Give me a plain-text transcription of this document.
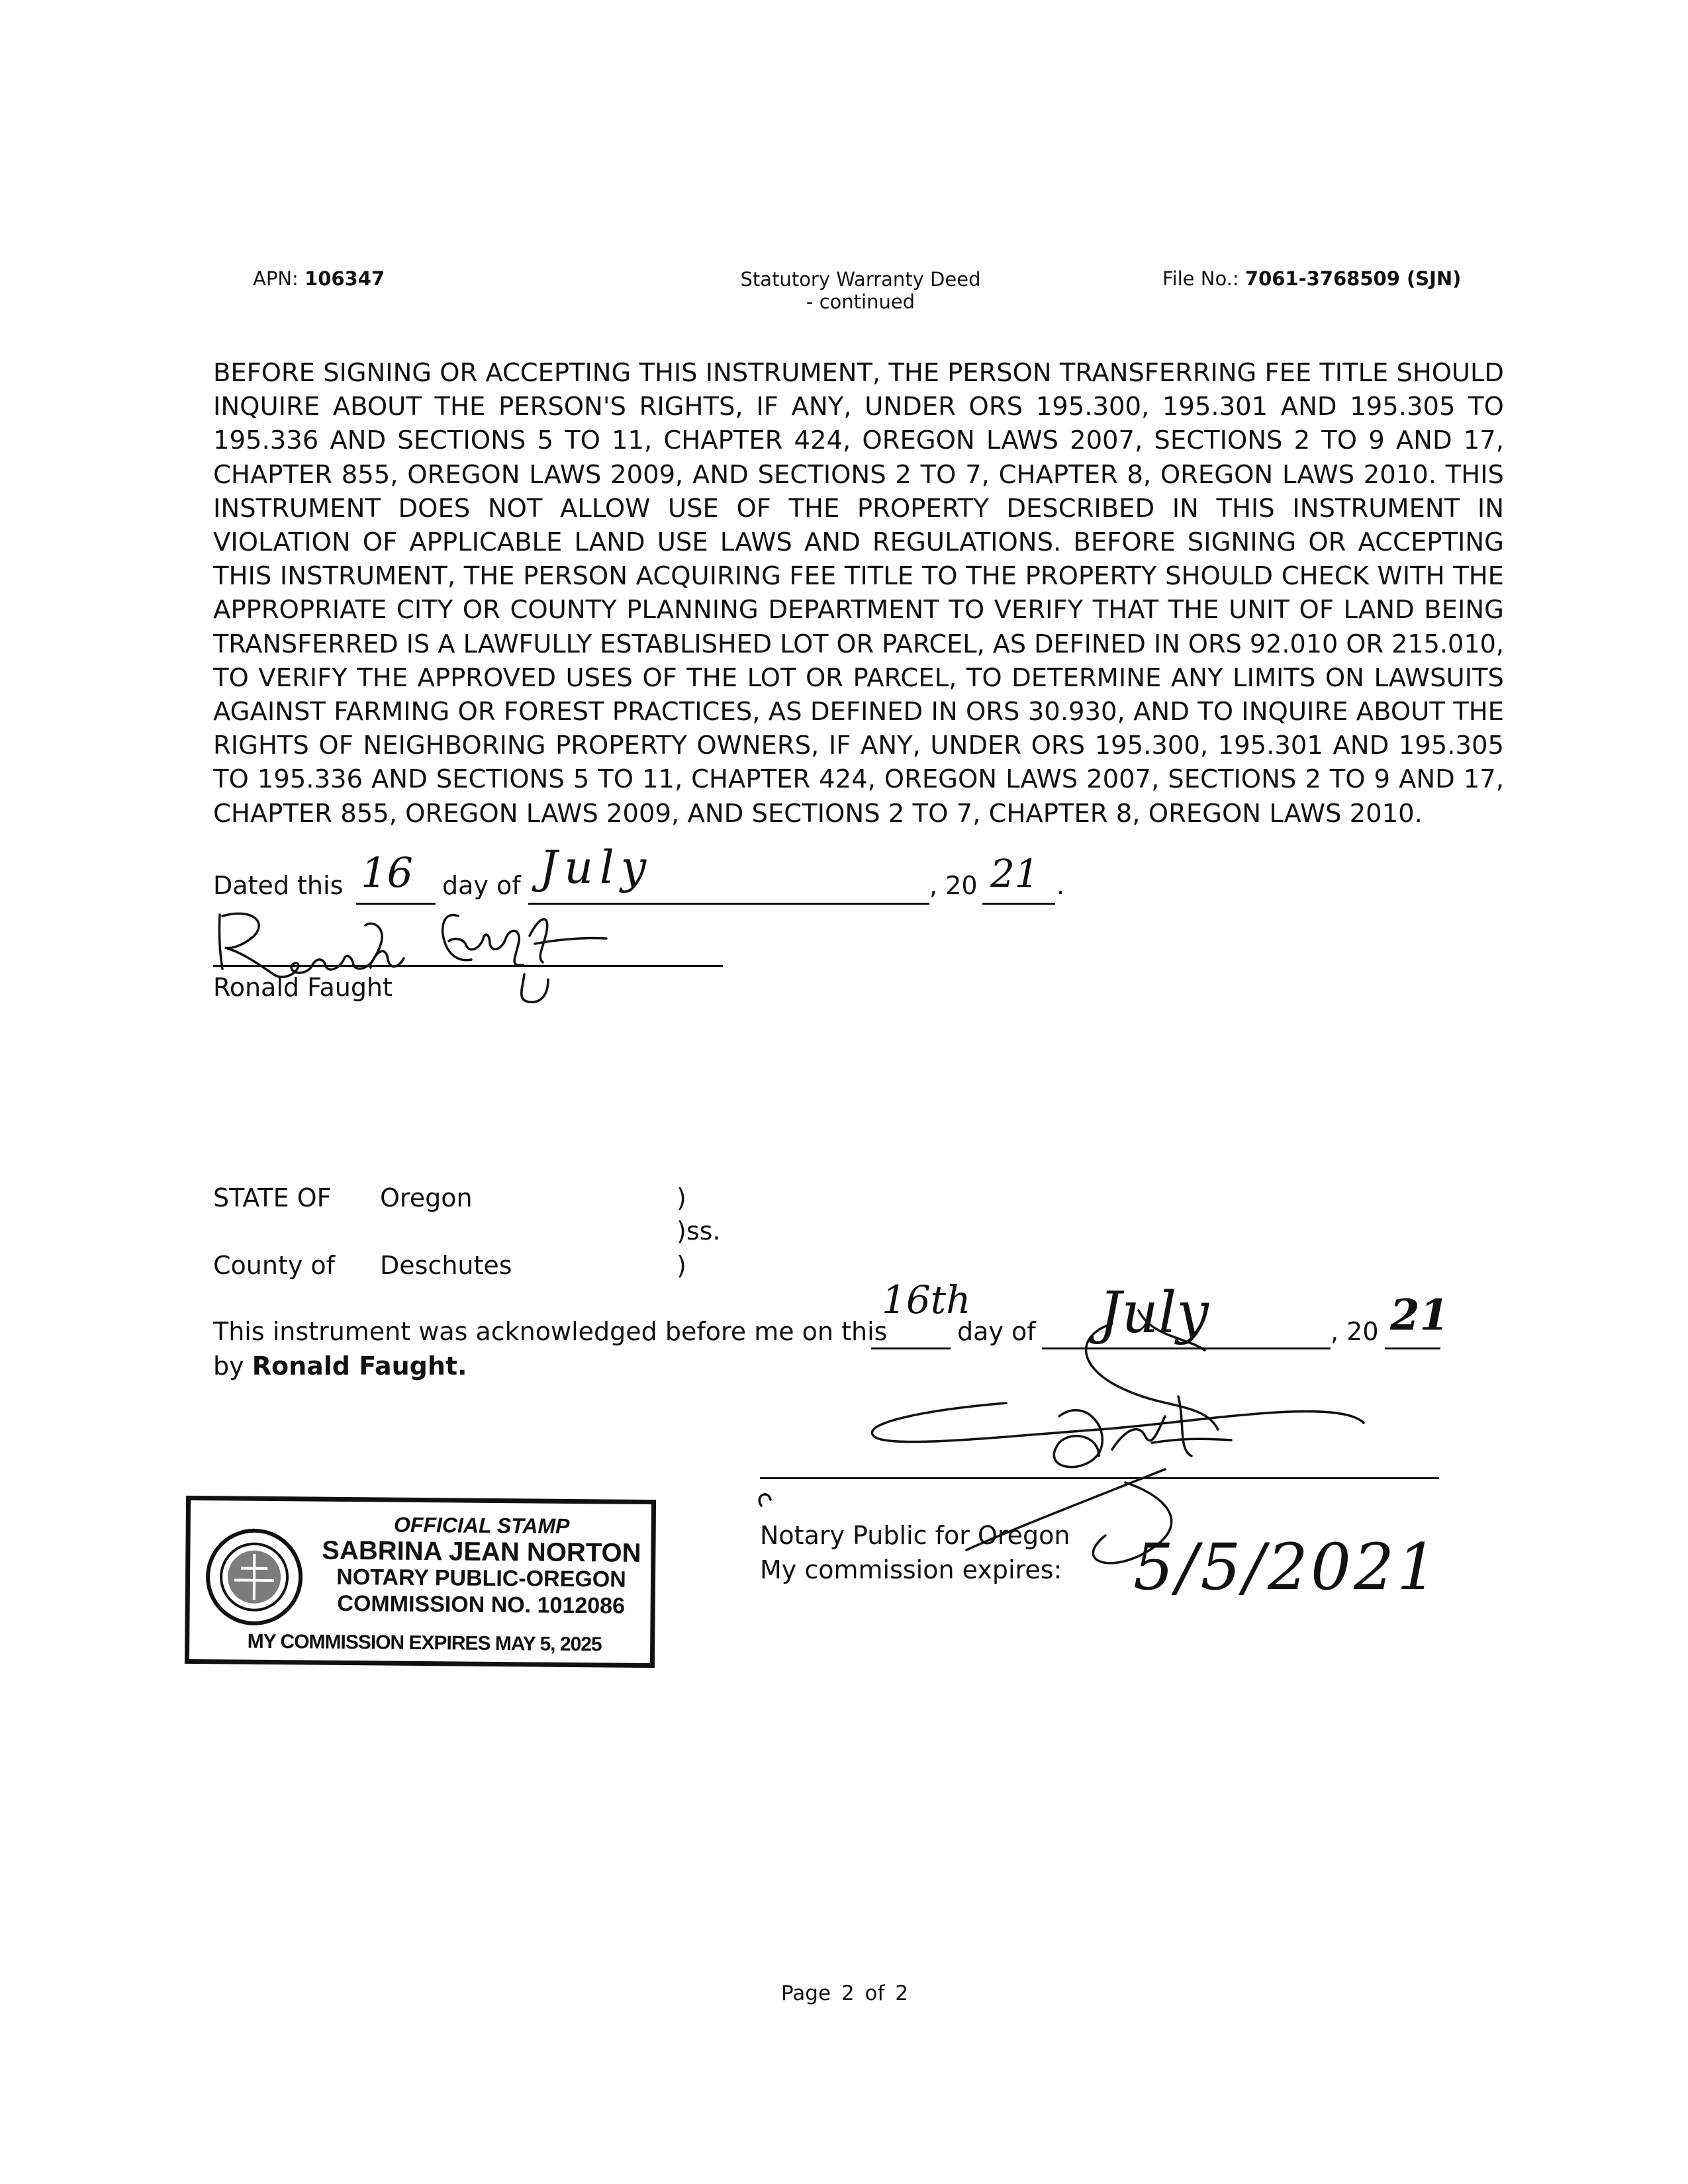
APN: 106347	Statutory Warranty Deed
- continued
File No.: 7061-3768509 (SJN)
BEFORE SIGNING OR ACCEPTING THIS INSTRUMENT, THE PERSON TRANSFERRING FEE TITLE SHOULD
INQUIRE ABOUT THE PERSON'S RIGHTS, IF ANY, UNDER ORS 195.300, 195.301 AND 195.305 TO
195.336 AND SECTIONS 5 TO 11, CHAPTER 424, OREGON LAWS 2007, SECTIONS 2 TO 9 AND 17,
CHAPTER 855, OREGON LAWS 2009, AND SECTIONS 2 TO 7, CHAPTER 8, OREGON LAWS 2010. THIS
INSTRUMENT DOES NOT ALLOW USE OF THE PROPERTY DESCRIBED IN THIS INSTRUMENT IN
VIOLATION OF APPLICABLE LAND USE LAWS AND REGULATIONS. BEFORE SIGNING OR ACCEPTING
THIS INSTRUMENT, THE PERSON ACQUIRING FEE TITLE TO THE PROPERTY SHOULD CHECK WITH THE
APPROPRIATE CITY OR COUNTY PLANNING DEPARTMENT TO VERIFY THAT THE UNIT OF LAND BEING
TRANSFERRED IS A LAWFULLY ESTABLISHED LOT OR PARCEL, AS DEFINED IN ORS 92.010 OR 215.010,
TO VERIFY THE APPROVED USES OF THE LOT OR PARCEL, TO DETERMINE ANY LIMITS ON LAWSUITS
AGAINST FARMING OR FOREST PRACTICES, AS DEFINED IN ORS 30.930, AND TO INQUIRE ABOUT THE
RIGHTS OF NEIGHBORING PROPERTY OWNERS, IF ANY, UNDER ORS 195.300, 195.301 AND 195.305
TO 195.336 AND SECTIONS 5 TO 11, CHAPTER 424, OREGON LAWS 2007, SECTIONS 2 TO 9 AND 17,
CHAPTER 855, OREGON LAWS 2009, AND SECTIONS 2 TO 7, CHAPTER 8, OREGON LAWS 2010.
Dated this 16 day of July	, 20 21 .
Ronald Faught
STATE OF Oregon	)
)ss.
County of Deschutes	)
This instrument was acknowledged before me on this
16th
day of July	, 20 21
by Ronald Faught.
Notary Public for Oregon
My commission expires: 5/5/2021
OFFICIAL STAMP
SABRINA JEAN NORTON
NOTARY PUBLIC-OREGON
COMMISSION NO. 1012086
MY COMMISSION EXPIRES MAY 5, 2025
Page 2 of 2
